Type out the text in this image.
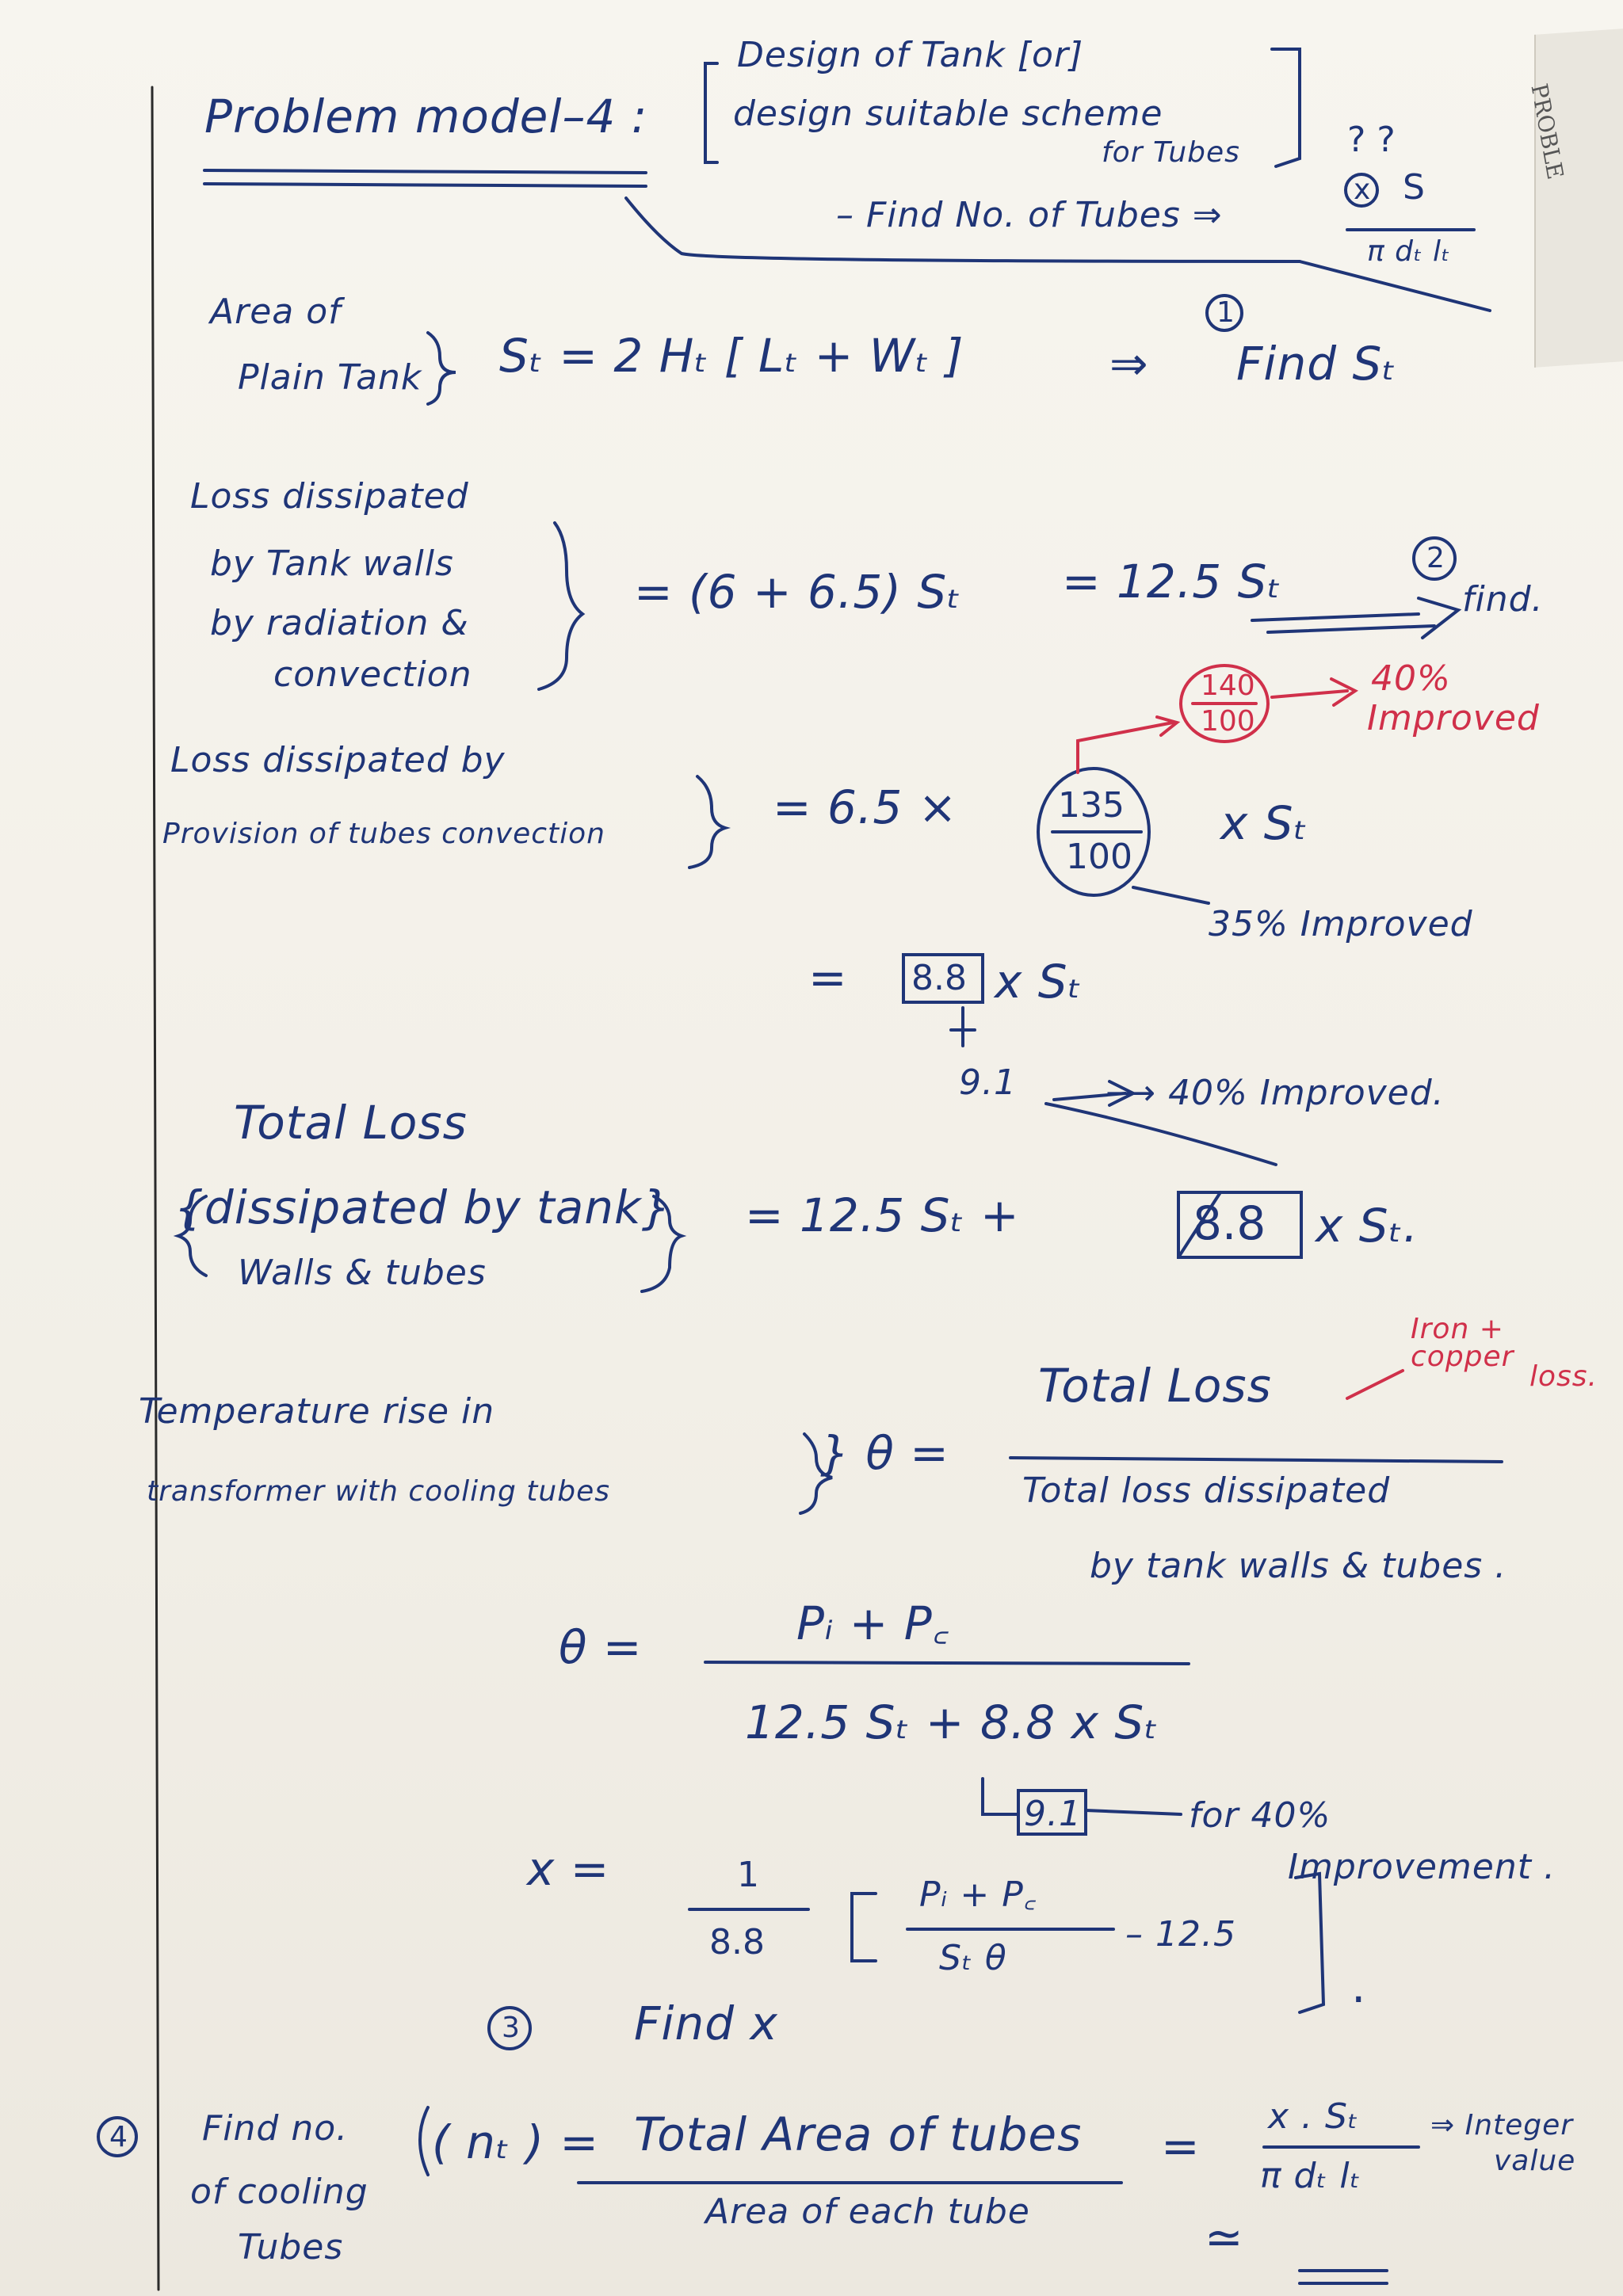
PROBLE
Problem model–4 :
Design of Tank [or]
design suitable scheme
for Tubes	? ?
– Find No. of Tubes ⇒
x S
π dₜ lₜ
Area of
Plain Tank Sₜ = 2 Hₜ [ Lₜ + Wₜ ]	⇒ Find Sₜ
1
Loss dissipated
by Tank walls
by radiation &
convection
= (6 + 6.5) Sₜ = 12.5 Sₜ	2
find.
140
100
40%
Improved
Loss dissipated by
Provision of tubes convection	= 6.5 ×	135
100
x Sₜ
35% Improved
= 8.8 x Sₜ
9.1	⟶ 40% Improved.
Total Loss
{dissipated by tank}
Walls & tubes
= 12.5 Sₜ +	8.8 x Sₜ.
Temperature rise in
transformer with cooling tubes
} θ =
Total Loss
Iron +
copper
loss.
Total loss dissipated
by tank walls & tubes .
θ =	Pᵢ + P꜀
12.5 Sₜ + 8.8 x Sₜ
9.1	for 40%
Improvement .
x =	1
8.8
Pᵢ + P꜀
Sₜ θ
– 12.5
.
3 Find x
4 Find no.
of cooling
Tubes
( nₜ ) = Total Area of tubes
Area of each tube
=
x . Sₜ
π dₜ lₜ
⇒ Integer
value
≃
